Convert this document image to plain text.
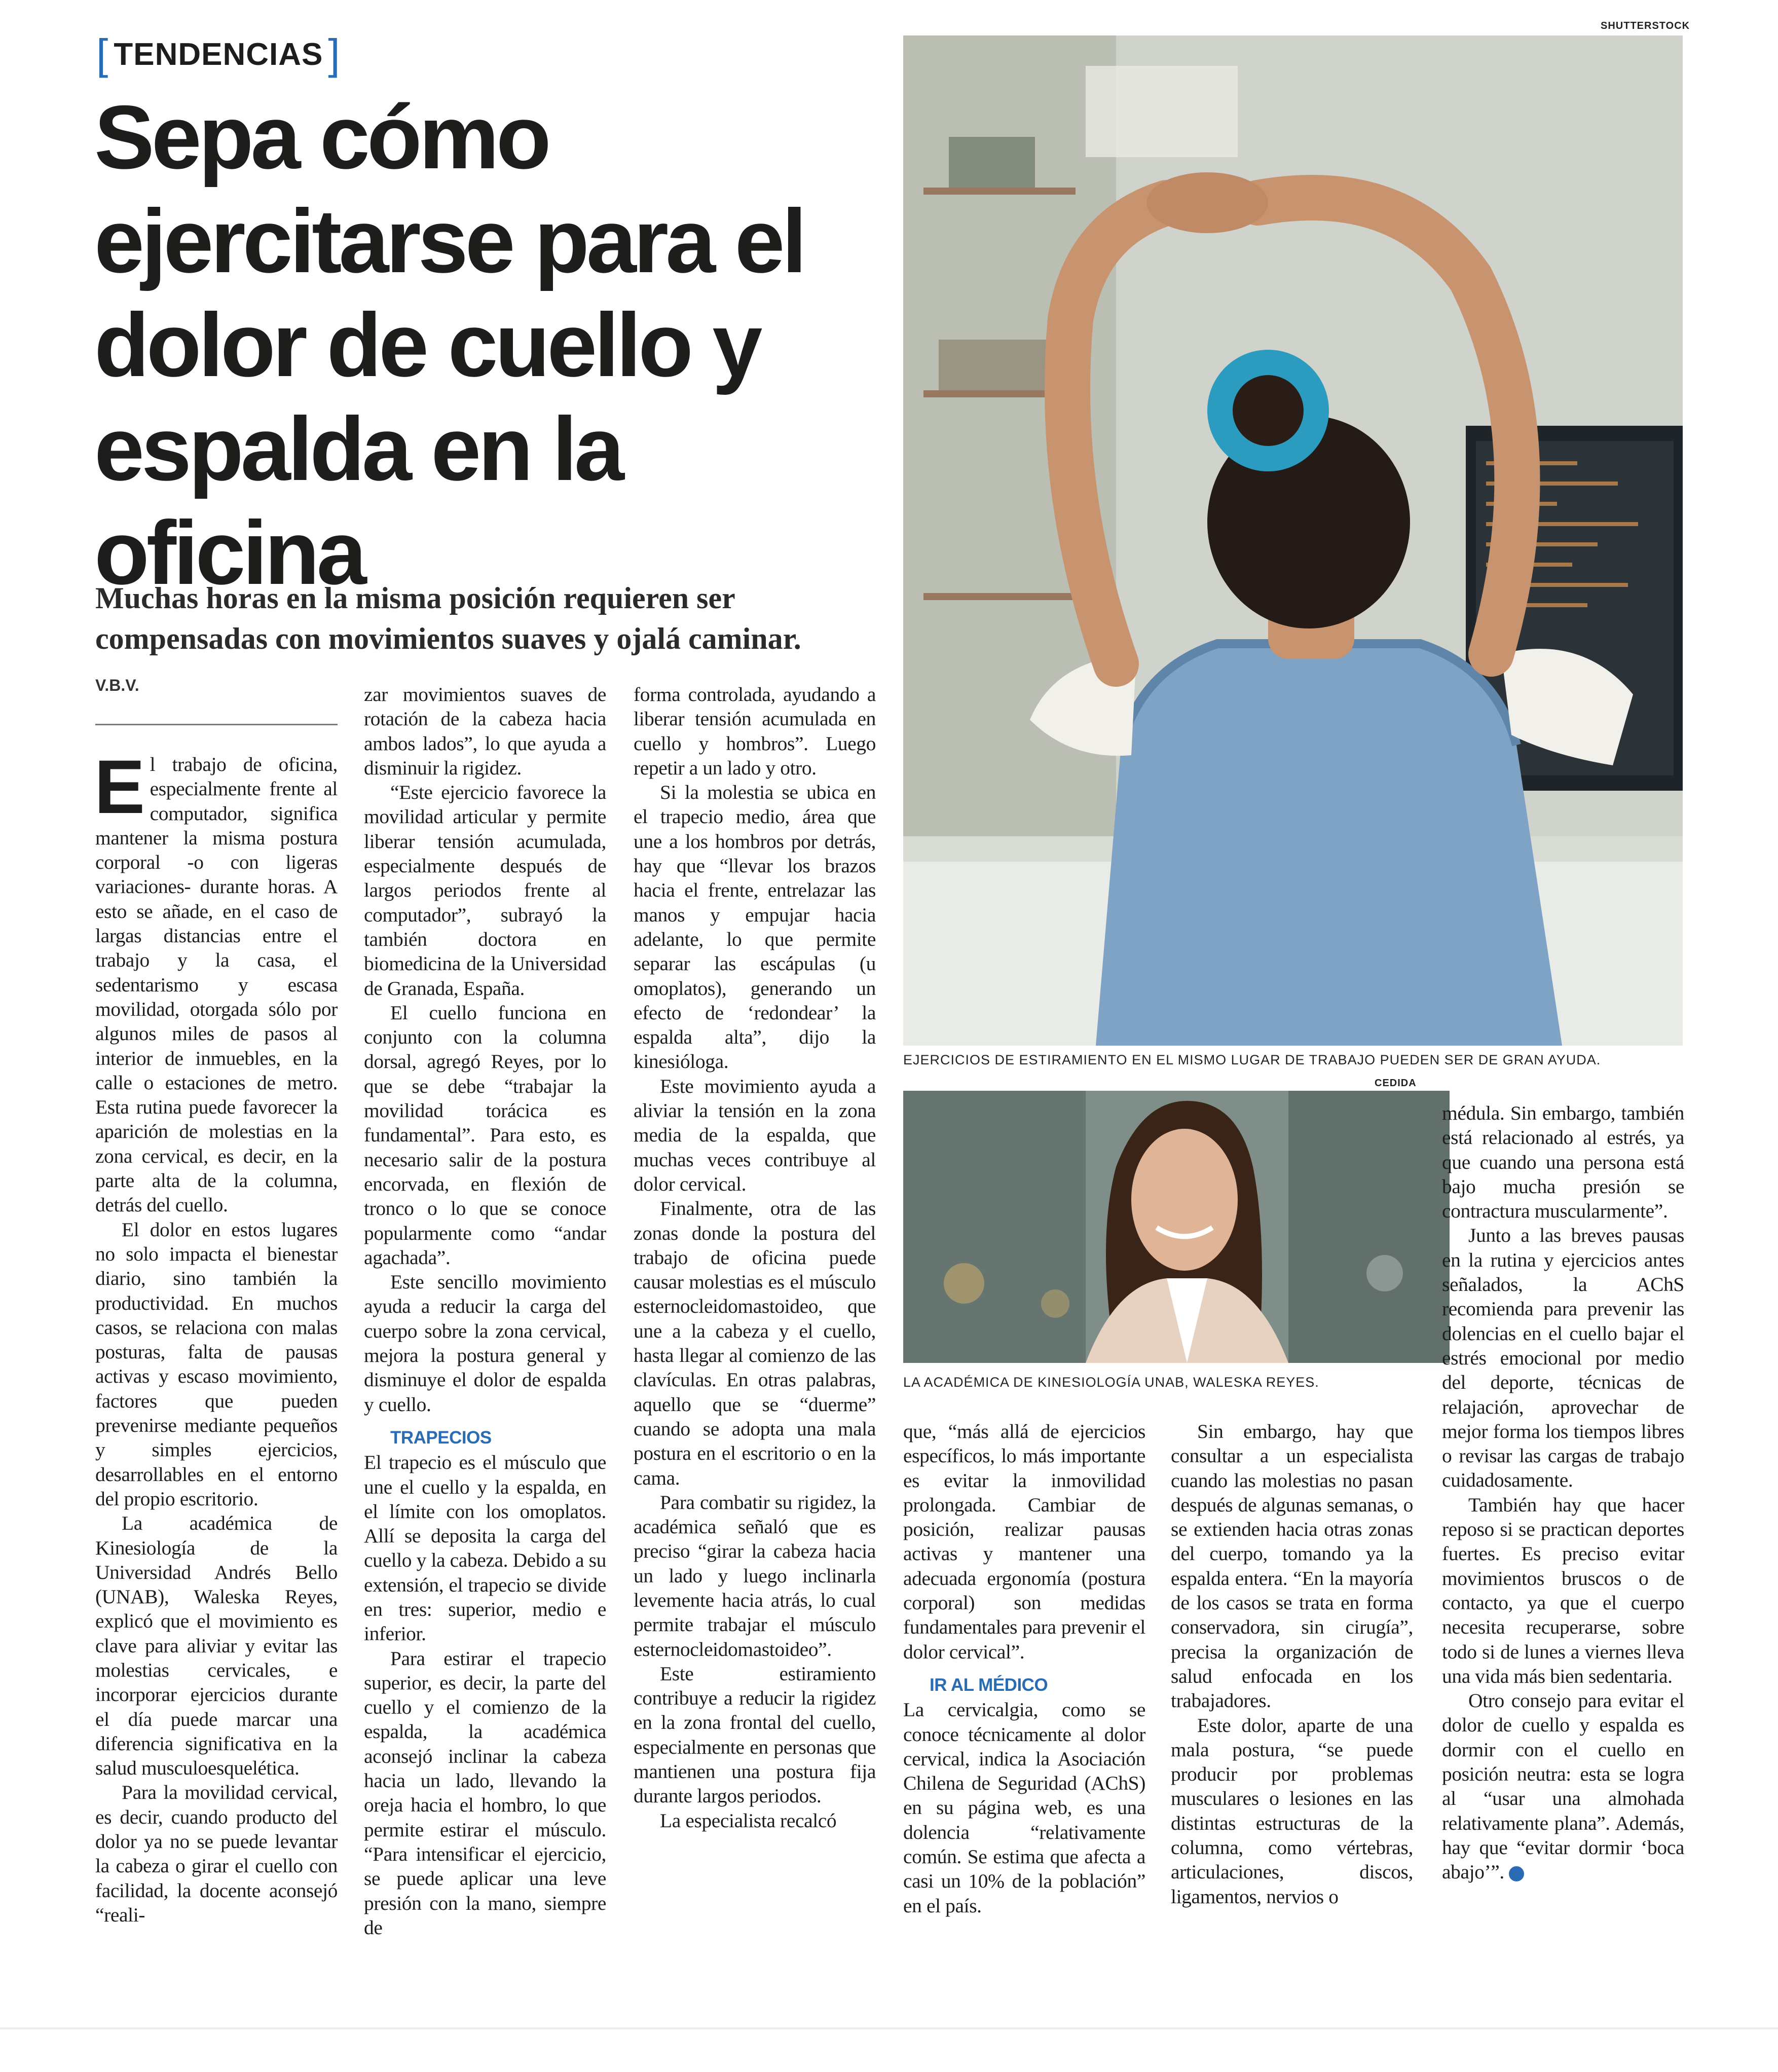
[ TENDENCIAS ]
Sepa cómo ejercitarse para el dolor de cuello y espalda en la oficina

Muchas horas en la misma posición requieren ser compensadas con movimientos suaves y ojalá caminar.

V.B.V.
SHUTTERSTOCK
EJERCICIOS DE ESTIRAMIENTO EN EL MISMO LUGAR DE TRABAJO PUEDEN SER DE GRAN AYUDA.
CEDIDA
LA ACADÉMICA DE KINESIOLOGÍA UNAB, WALESKA REYES.

El trabajo de oficina, especialmente frente al computador, significa mantener la misma postura corporal -o con ligeras variaciones- durante horas. A esto se añade, en el caso de largas distancias entre el trabajo y la casa, el sedentarismo y escasa movilidad, otorgada sólo por algunos miles de pasos al interior de inmuebles, en la calle o estaciones de metro. Esta rutina puede favorecer la aparición de molestias en la zona cervical, es decir, en la parte alta de la columna, detrás del cuello.

El dolor en estos lugares no solo impacta el bienestar diario, sino también la productividad. En muchos casos, se relaciona con malas posturas, falta de pausas activas y escaso movimiento, factores que pueden prevenirse mediante pequeños y simples ejercicios, desarrollables en el entorno del propio escritorio.

La académica de Kinesiología de la Universidad Andrés Bello (UNAB), Waleska Reyes, explicó que el movimiento es clave para aliviar y evitar las molestias cervicales, e incorporar ejercicios durante el día puede marcar una diferencia significativa en la salud musculoesquelética.

Para la movilidad cervical, es decir, cuando producto del dolor ya no se puede levantar la cabeza o girar el cuello con facilidad, la docente aconsejó “reali-

zar movimientos suaves de rotación de la cabeza hacia ambos lados”, lo que ayuda a disminuir la rigidez.

“Este ejercicio favorece la movilidad articular y permite liberar tensión acumulada, especialmente después de largos periodos frente al computador”, subrayó la también doctora en biomedicina de la Universidad de Granada, España.

El cuello funciona en conjunto con la columna dorsal, agregó Reyes, por lo que se debe “trabajar la movilidad torácica es fundamental”. Para esto, es necesario salir de la postura encorvada, en flexión de tronco o lo que se conoce popularmente como “andar agachada”.

Este sencillo movimiento ayuda a reducir la carga del cuerpo sobre la zona cervical, mejora la postura general y disminuye el dolor de espalda y cuello.

TRAPECIOS

El trapecio es el músculo que une el cuello y la espalda, en el límite con los omoplatos. Allí se deposita la carga del cuello y la cabeza. Debido a su extensión, el trapecio se divide en tres: superior, medio e inferior.

Para estirar el trapecio superior, es decir, la parte del cuello y el comienzo de la espalda, la académica aconsejó inclinar la cabeza hacia un lado, llevando la oreja hacia el hombro, lo que permite estirar el músculo. “Para intensificar el ejercicio, se puede aplicar una leve presión con la mano, siempre de

forma controlada, ayudando a liberar tensión acumulada en cuello y hombros”. Luego repetir a un lado y otro.

Si la molestia se ubica en el trapecio medio, área que une a los hombros por detrás, hay que “llevar los brazos hacia el frente, entrelazar las manos y empujar hacia adelante, lo que permite separar las escápulas (u omoplatos), generando un efecto de ‘redondear’ la espalda alta”, dijo la kinesióloga.

Este movimiento ayuda a aliviar la tensión en la zona media de la espalda, que muchas veces contribuye al dolor cervical.

Finalmente, otra de las zonas donde la postura del trabajo de oficina puede causar molestias es el músculo esternocleidomastoideo, que une a la cabeza y el cuello, hasta llegar al comienzo de las clavículas. En otras palabras, aquello que se “duerme” cuando se adopta una mala postura en el escritorio o en la cama.

Para combatir su rigidez, la académica señaló que es preciso “girar la cabeza hacia un lado y luego inclinarla levemente hacia atrás, lo cual permite trabajar el músculo esternocleidomastoideo”.

Este estiramiento contribuye a reducir la rigidez en la zona frontal del cuello, especialmente en personas que mantienen una postura fija durante largos periodos.

La especialista recalcó

que, “más allá de ejercicios específicos, lo más importante es evitar la inmovilidad prolongada. Cambiar de posición, realizar pausas activas y mantener una adecuada ergonomía (postura corporal) son medidas fundamentales para prevenir el dolor cervical”.

IR AL MÉDICO

La cervicalgia, como se conoce técnicamente al dolor cervical, indica la Asociación Chilena de Seguridad (AChS) en su página web, es una dolencia “relativamente común. Se estima que afecta a casi un 10% de la población” en el país.

Sin embargo, hay que consultar a un especialista cuando las molestias no pasan después de algunas semanas, o se extienden hacia otras zonas del cuerpo, tomando ya la espalda entera. “En la mayoría de los casos se trata en forma conservadora, sin cirugía”, precisa la organización de salud enfocada en los trabajadores.

Este dolor, aparte de una mala postura, “se puede producir por problemas musculares o lesiones en las distintas estructuras de la columna, como vértebras, articulaciones, discos, ligamentos, nervios o

médula. Sin embargo, también está relacionado al estrés, ya que cuando una persona está bajo mucha presión se contractura muscularmente”.

Junto a las breves pausas en la rutina y ejercicios antes señalados, la AChS recomienda para prevenir las dolencias en el cuello bajar el estrés emocional por medio del deporte, técnicas de relajación, aprovechar de mejor forma los tiempos libres o revisar las cargas de trabajo cuidadosamente.

También hay que hacer reposo si se practican deportes fuertes. Es preciso evitar movimientos bruscos o de contacto, ya que el cuerpo necesita recuperarse, sobre todo si de lunes a viernes lleva una vida más bien sedentaria.

Otro consejo para evitar el dolor de cuello y espalda es dormir con el cuello en posición neutra: esta se logra al “usar una almohada relativamente plana”. Además, hay que “evitar dormir ‘boca abajo’”.	✪
